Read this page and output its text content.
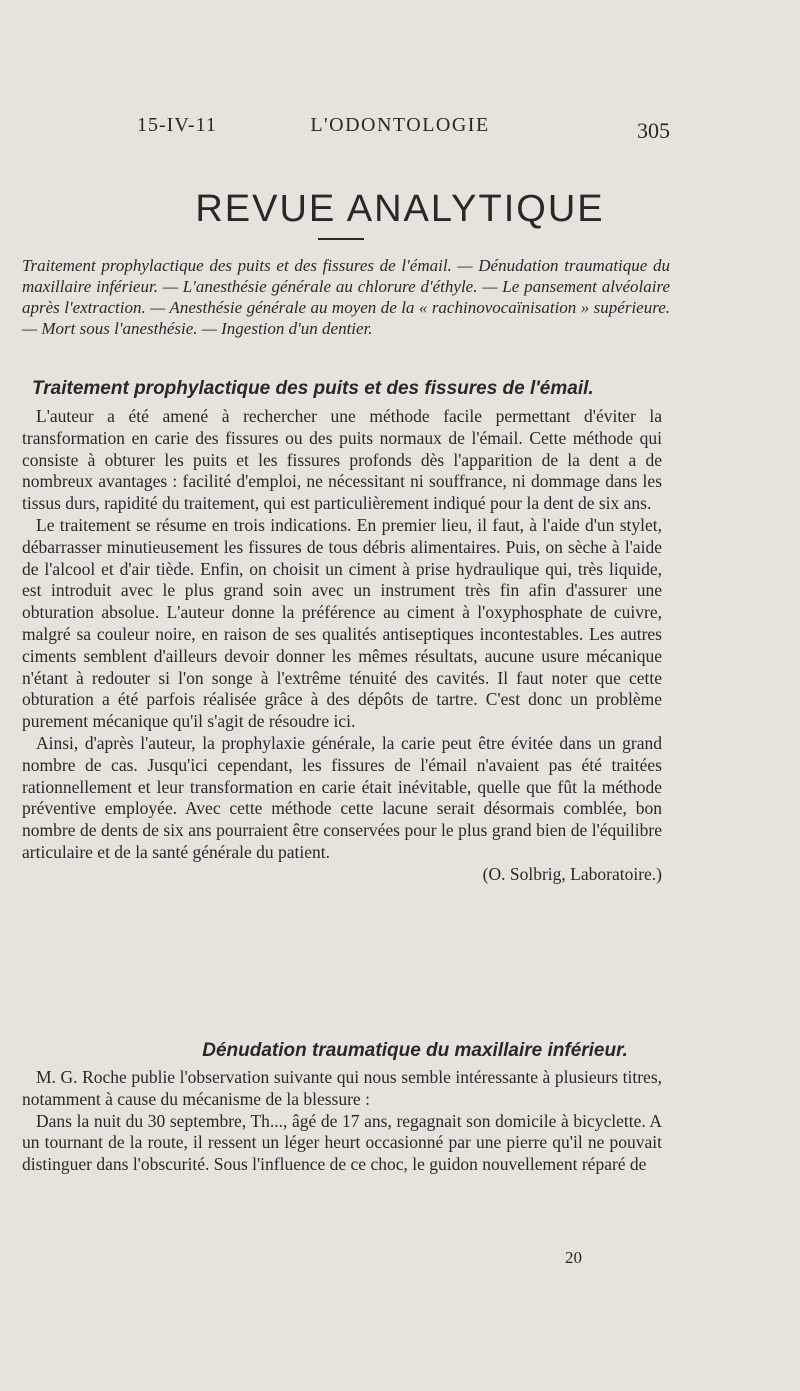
15-IV-11	L'ODONTOLOGIE	305
REVUE ANALYTIQUE
Traitement prophylactique des puits et des fissures de l'émail. — Dénudation traumatique du maxillaire inférieur. — L'anesthésie générale au chlorure d'éthyle. — Le pansement alvéolaire après l'extraction. — Anesthésie générale au moyen de la « rachinovocaïnisation » supérieure. — Mort sous l'anesthésie. — Ingestion d'un dentier.
Traitement prophylactique des puits et des fissures de l'émail.

L'auteur a été amené à rechercher une méthode facile permettant d'éviter la transformation en carie des fissures ou des puits normaux de l'émail. Cette méthode qui consiste à obturer les puits et les fissures profonds dès l'apparition de la dent a de nombreux avantages : facilité d'emploi, ne nécessitant ni souffrance, ni dommage dans les tissus durs, rapidité du traitement, qui est particulièrement indiqué pour la dent de six ans.

Le traitement se résume en trois indications. En premier lieu, il faut, à l'aide d'un stylet, débarrasser minutieusement les fissures de tous débris alimentaires. Puis, on sèche à l'aide de l'alcool et d'air tiède. Enfin, on choisit un ciment à prise hydraulique qui, très liquide, est introduit avec le plus grand soin avec un instrument très fin afin d'assurer une obturation absolue. L'auteur donne la préférence au ciment à l'oxyphosphate de cuivre, malgré sa couleur noire, en raison de ses qualités antiseptiques incontestables. Les autres ciments semblent d'ailleurs devoir donner les mêmes résultats, aucune usure mécanique n'étant à redouter si l'on songe à l'extrême ténuité des cavités. Il faut noter que cette obturation a été parfois réalisée grâce à des dépôts de tartre. C'est donc un problème purement mécanique qu'il s'agit de résoudre ici.

Ainsi, d'après l'auteur, la prophylaxie générale, la carie peut être évitée dans un grand nombre de cas. Jusqu'ici cependant, les fissures de l'émail n'avaient pas été traitées rationnellement et leur transformation en carie était inévitable, quelle que fût la méthode préventive employée. Avec cette méthode cette lacune serait désormais comblée, bon nombre de dents de six ans pourraient être conservées pour le plus grand bien de l'équilibre articulaire et de la santé générale du patient.
(O. Solbrig, Laboratoire.)

Dénudation traumatique du maxillaire inférieur.

M. G. Roche publie l'observation suivante qui nous semble intéressante à plusieurs titres, notamment à cause du mécanisme de la blessure :

Dans la nuit du 30 septembre, Th..., âgé de 17 ans, regagnait son domicile à bicyclette. A un tournant de la route, il ressent un léger heurt occasionné par une pierre qu'il ne pouvait distinguer dans l'obscurité. Sous l'influence de ce choc, le guidon nouvellement réparé de

20
